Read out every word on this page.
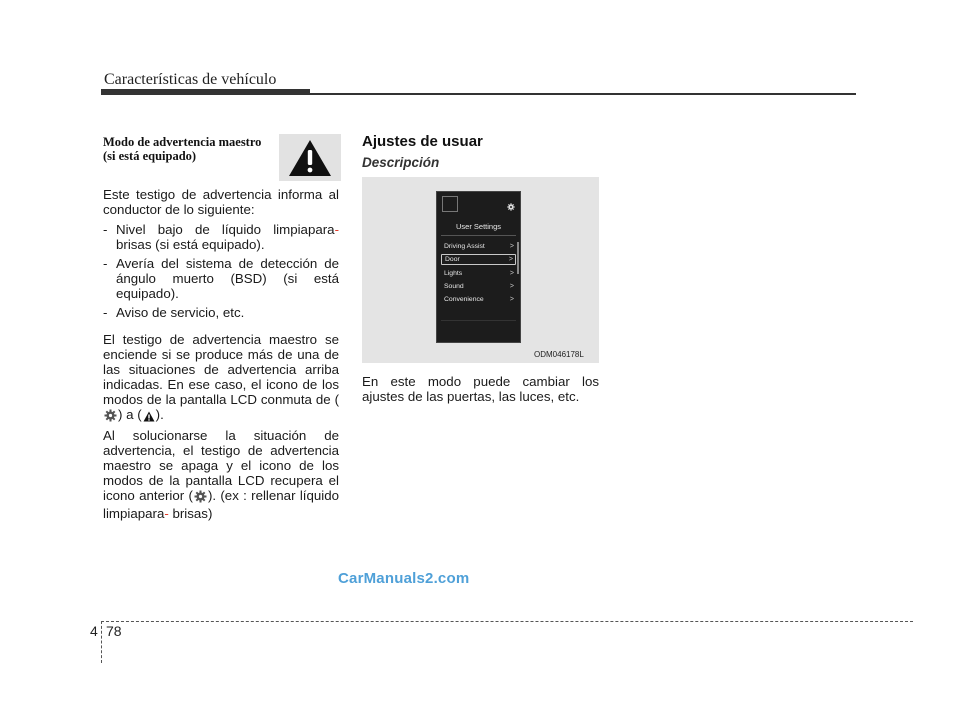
Características de vehículo
Modo de advertencia maestro (si está equipado)
Este testigo de advertencia informa al conductor de lo siguiente:
- Nivel bajo de líquido limpiapara- brisas (si está equipado).
- Avería del sistema de detección de ángulo muerto (BSD) (si está equipado).
- Aviso de servicio, etc.
El testigo de advertencia maestro se enciende si se produce más de una de las situaciones de advertencia arriba indicadas. En ese caso, el icono de los modos de la pantalla LCD conmuta de () a ( ).
Al solucionarse la situación de advertencia, el testigo de advertencia maestro se apaga y el icono de los modos de la pantalla LCD recupera el icono anterior ( ). (ex : rellenar líquido limpiapara- brisas)
Ajustes de usuar
Descripción
User Settings
Driving Assist	>
Door	>
Lights	>
Sound	>
Convenience	>
ODM046178L
En este modo puede cambiar los ajustes de las puertas, las luces, etc.
CarManuals2.com
4 78
